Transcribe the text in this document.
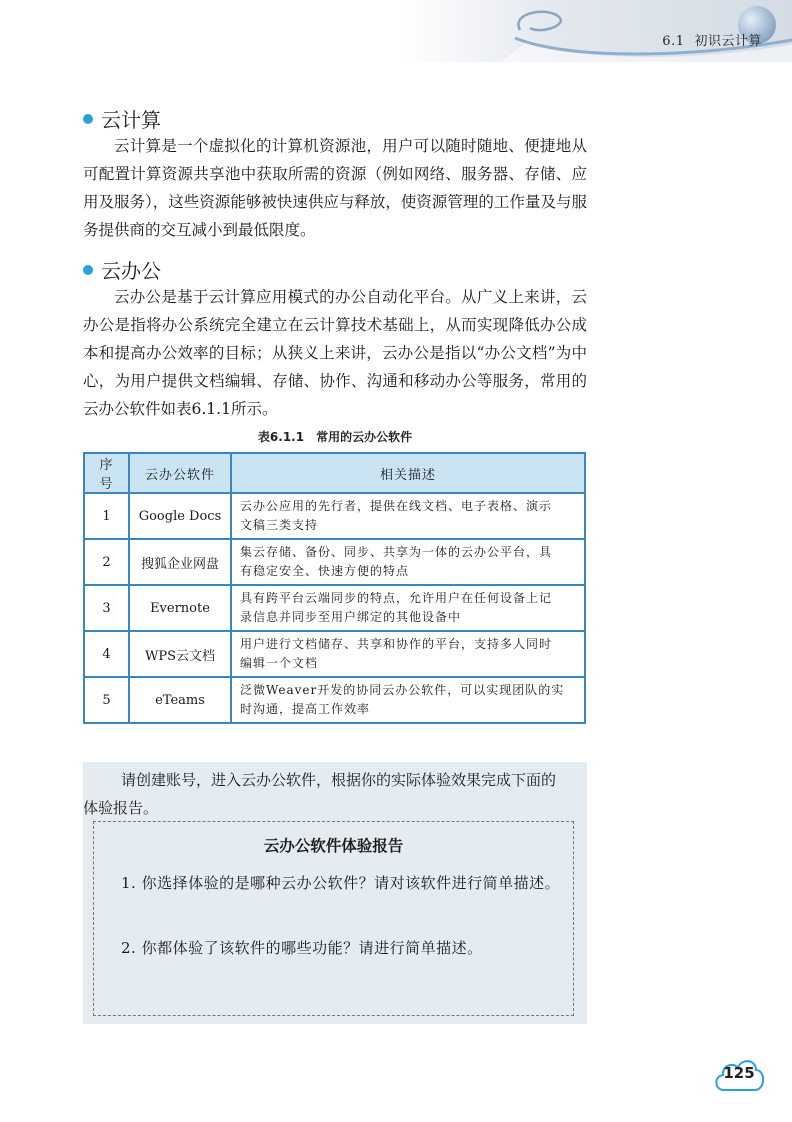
6.1 初识云计算
云计算
云计算是一个虚拟化的计算机资源池，用户可以随时随地、便捷地从可配置计算资源共享池中获取所需的资源（例如网络、服务器、存储、应用及服务），这些资源能够被快速供应与释放，使资源管理的工作量及与服务提供商的交互减小到最低限度。
云办公
云办公是基于云计算应用模式的办公自动化平台。从广义上来讲，云办公是指将办公系统完全建立在云计算技术基础上，从而实现降低办公成本和提高办公效率的目标；从狭义上来讲，云办公是指以“办公文档”为中心，为用户提供文档编辑、存储、协作、沟通和移动办公等服务，常用的云办公软件如表6.1.1所示。
表6.1.1 常用的云办公软件
序号	云办公软件	相关描述
1	Google Docs	云办公应用的先行者，提供在线文档、电子表格、演示
文稿三类支持
2	搜狐企业网盘	集云存储、备份、同步、共享为一体的云办公平台，具
有稳定安全、快速方便的特点
3	Evernote	具有跨平台云端同步的特点，允许用户在任何设备上记
录信息并同步至用户绑定的其他设备中
4	WPS云文档	用户进行文档储存、共享和协作的平台，支持多人同时
编辑一个文档
5	eTeams	泛微Weaver开发的协同云办公软件，可以实现团队的实
时沟通，提高工作效率
请创建账号，进入云办公软件，根据你的实际体验效果完成下面的
体验报告。
云办公软件体验报告
1. 你选择体验的是哪种云办公软件？请对该软件进行简单描述。
2. 你都体验了该软件的哪些功能？请进行简单描述。
125
